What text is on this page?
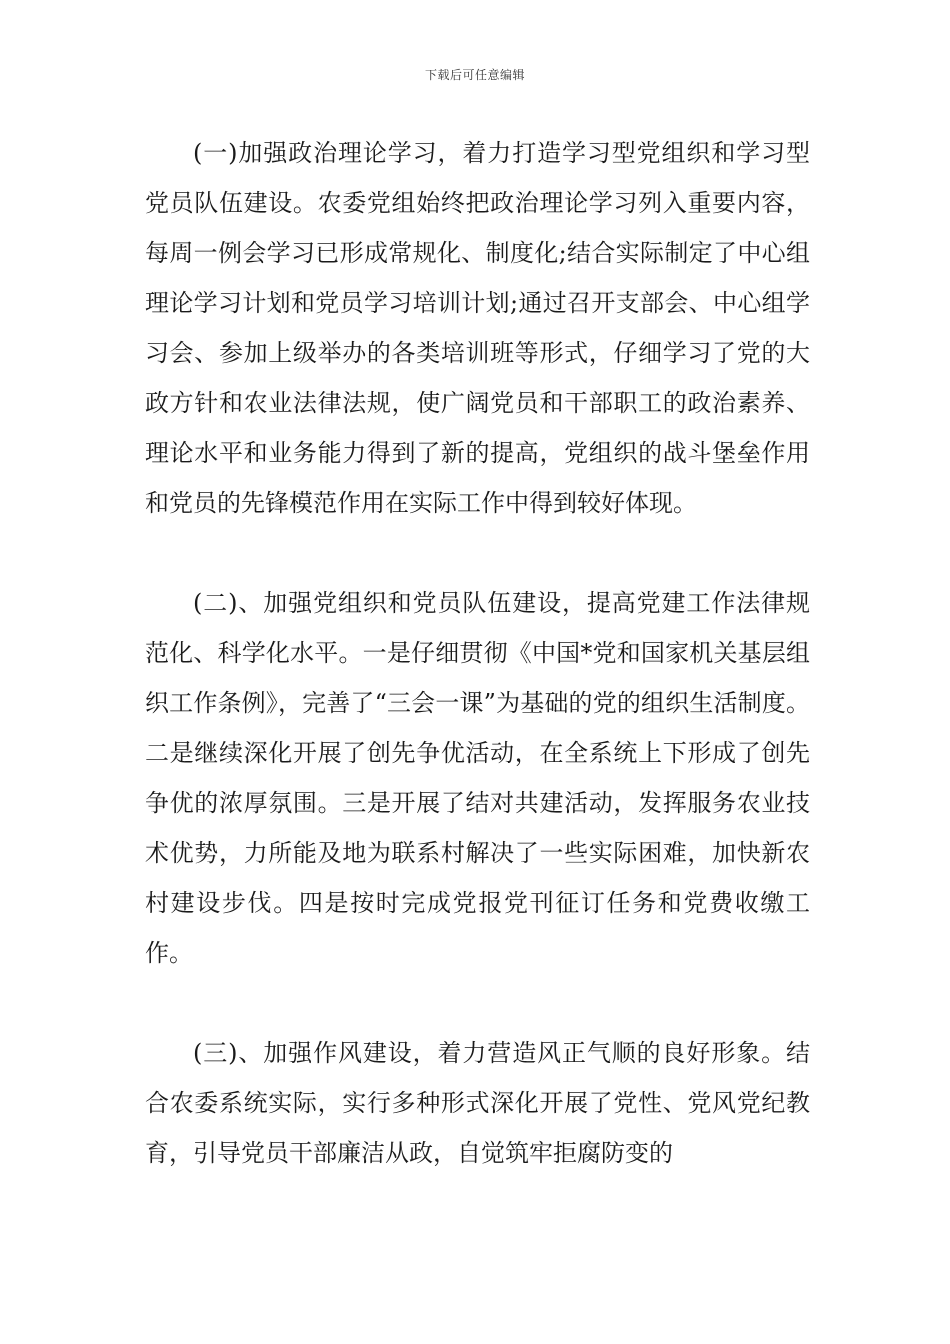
下载后可任意编辑

(一)加强政治理论学习，着力打造学习型党组织和学习型党员队伍建设。农委党组始终把政治理论学习列入重要内容，每周一例会学习已形成常规化、制度化;结合实际制定了中心组理论学习计划和党员学习培训计划;通过召开支部会、中心组学习会、参加上级举办的各类培训班等形式，仔细学习了党的大政方针和农业法律法规，使广阔党员和干部职工的政治素养、理论水平和业务能力得到了新的提高，党组织的战斗堡垒作用和党员的先锋模范作用在实际工作中得到较好体现。

(二)、加强党组织和党员队伍建设，提高党建工作法律规范化、科学化水平。一是仔细贯彻《中国*党和国家机关基层组织工作条例》，完善了“三会一课”为基础的党的组织生活制度。二是继续深化开展了创先争优活动，在全系统上下形成了创先争优的浓厚氛围。三是开展了结对共建活动，发挥服务农业技术优势，力所能及地为联系村解决了一些实际困难，加快新农村建设步伐。四是按时完成党报党刊征订任务和党费收缴工作。

(三)、加强作风建设，着力营造风正气顺的良好形象。结合农委系统实际，实行多种形式深化开展了党性、党风党纪教育，引导党员干部廉洁从政，自觉筑牢拒腐防变的
